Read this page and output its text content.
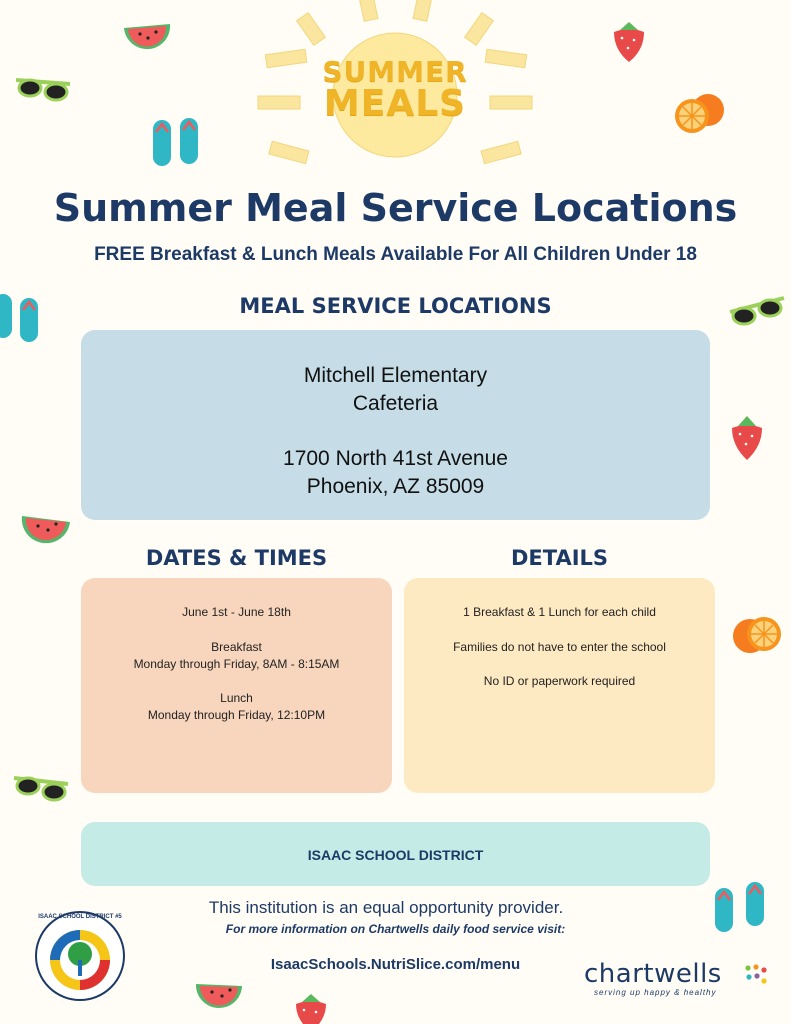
SUMMER
MEALS
Summer Meal Service Locations
FREE Breakfast & Lunch Meals Available For All Children Under 18
MEAL SERVICE LOCATIONS
Mitchell Elementary
Cafeteria
1700 North 41st Avenue
Phoenix, AZ 85009
DATES & TIMES
June 1st - June 18th
Breakfast
Monday through Friday, 8AM - 8:15AM
Lunch
Monday through Friday, 12:10PM
DETAILS
1 Breakfast & 1 Lunch for each child
Families do not have to enter the school
No ID or paperwork required
ISAAC SCHOOL DISTRICT
This institution is an equal opportunity provider.
For more information on Chartwells daily food service visit:
IsaacSchools.NutriSlice.com/menu
ISAAC SCHOOL DISTRICT #5
chartwells
serving up happy & healthy
